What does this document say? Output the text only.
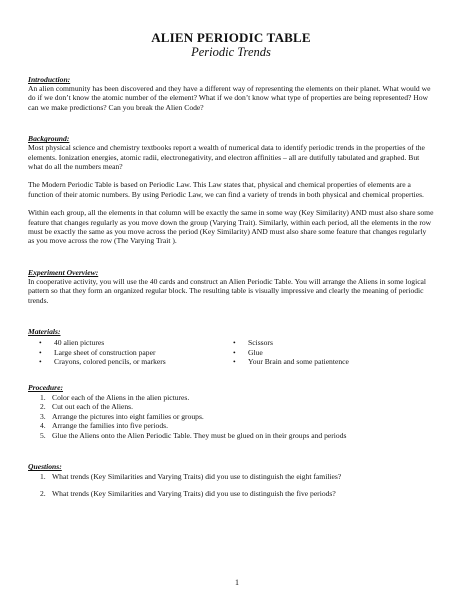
ALIEN PERIODIC TABLE
Periodic Trends
Introduction:

An alien community has been discovered and they have a different way of representing the elements on their planet. What would we do if we don’t know the atomic number of the element? What if we don’t know what type of properties are being represented? How can we make predictions? Can you break the Alien Code?

Background:

Most physical science and chemistry textbooks report a wealth of numerical data to identify periodic trends in the properties of the elements. Ionization energies, atomic radii, electronegativity, and electron affinities – all are dutifully tabulated and graphed. But what do all the numbers mean?

The Modern Periodic Table is based on Periodic Law. This Law states that, physical and chemical properties of elements are a function of their atomic numbers. By using Periodic Law, we can find a variety of trends in both physical and chemical properties.

Within each group, all the elements in that column will be exactly the same in some way (Key Similarity) AND must also share some feature that changes regularly as you move down the group (Varying Trait). Similarly, within each period, all the elements in the row must be exactly the same as you move across the period (Key Similarity) AND must also share some feature that changes regularly as you move across the row (The Varying Trait ).

Experiment Overview:

In cooperative activity, you will use the 40 cards and construct an Alien Periodic Table. You will arrange the Aliens in some logical pattern so that they form an organized regular block. The resulting table is visually impressive and clearly the meaning of periodic trends.

Materials:
• 40 alien pictures
• Large sheet of construction paper
• Crayons, colored pencils, or markers
• Scissors
• Glue
• Your Brain and some patientence
Procedure:
1. Color each of the Aliens in the alien pictures.
2. Cut out each of the Aliens.
3. Arrange the pictures into eight families or groups.
4. Arrange the families into five periods.
5. Glue the Aliens onto the Alien Periodic Table. They must be glued on in their groups and periods
Questions:
1. What trends (Key Similarities and Varying Traits) did you use to distinguish the eight families?
2. What trends (Key Similarities and Varying Traits) did you use to distinguish the five periods?
1
